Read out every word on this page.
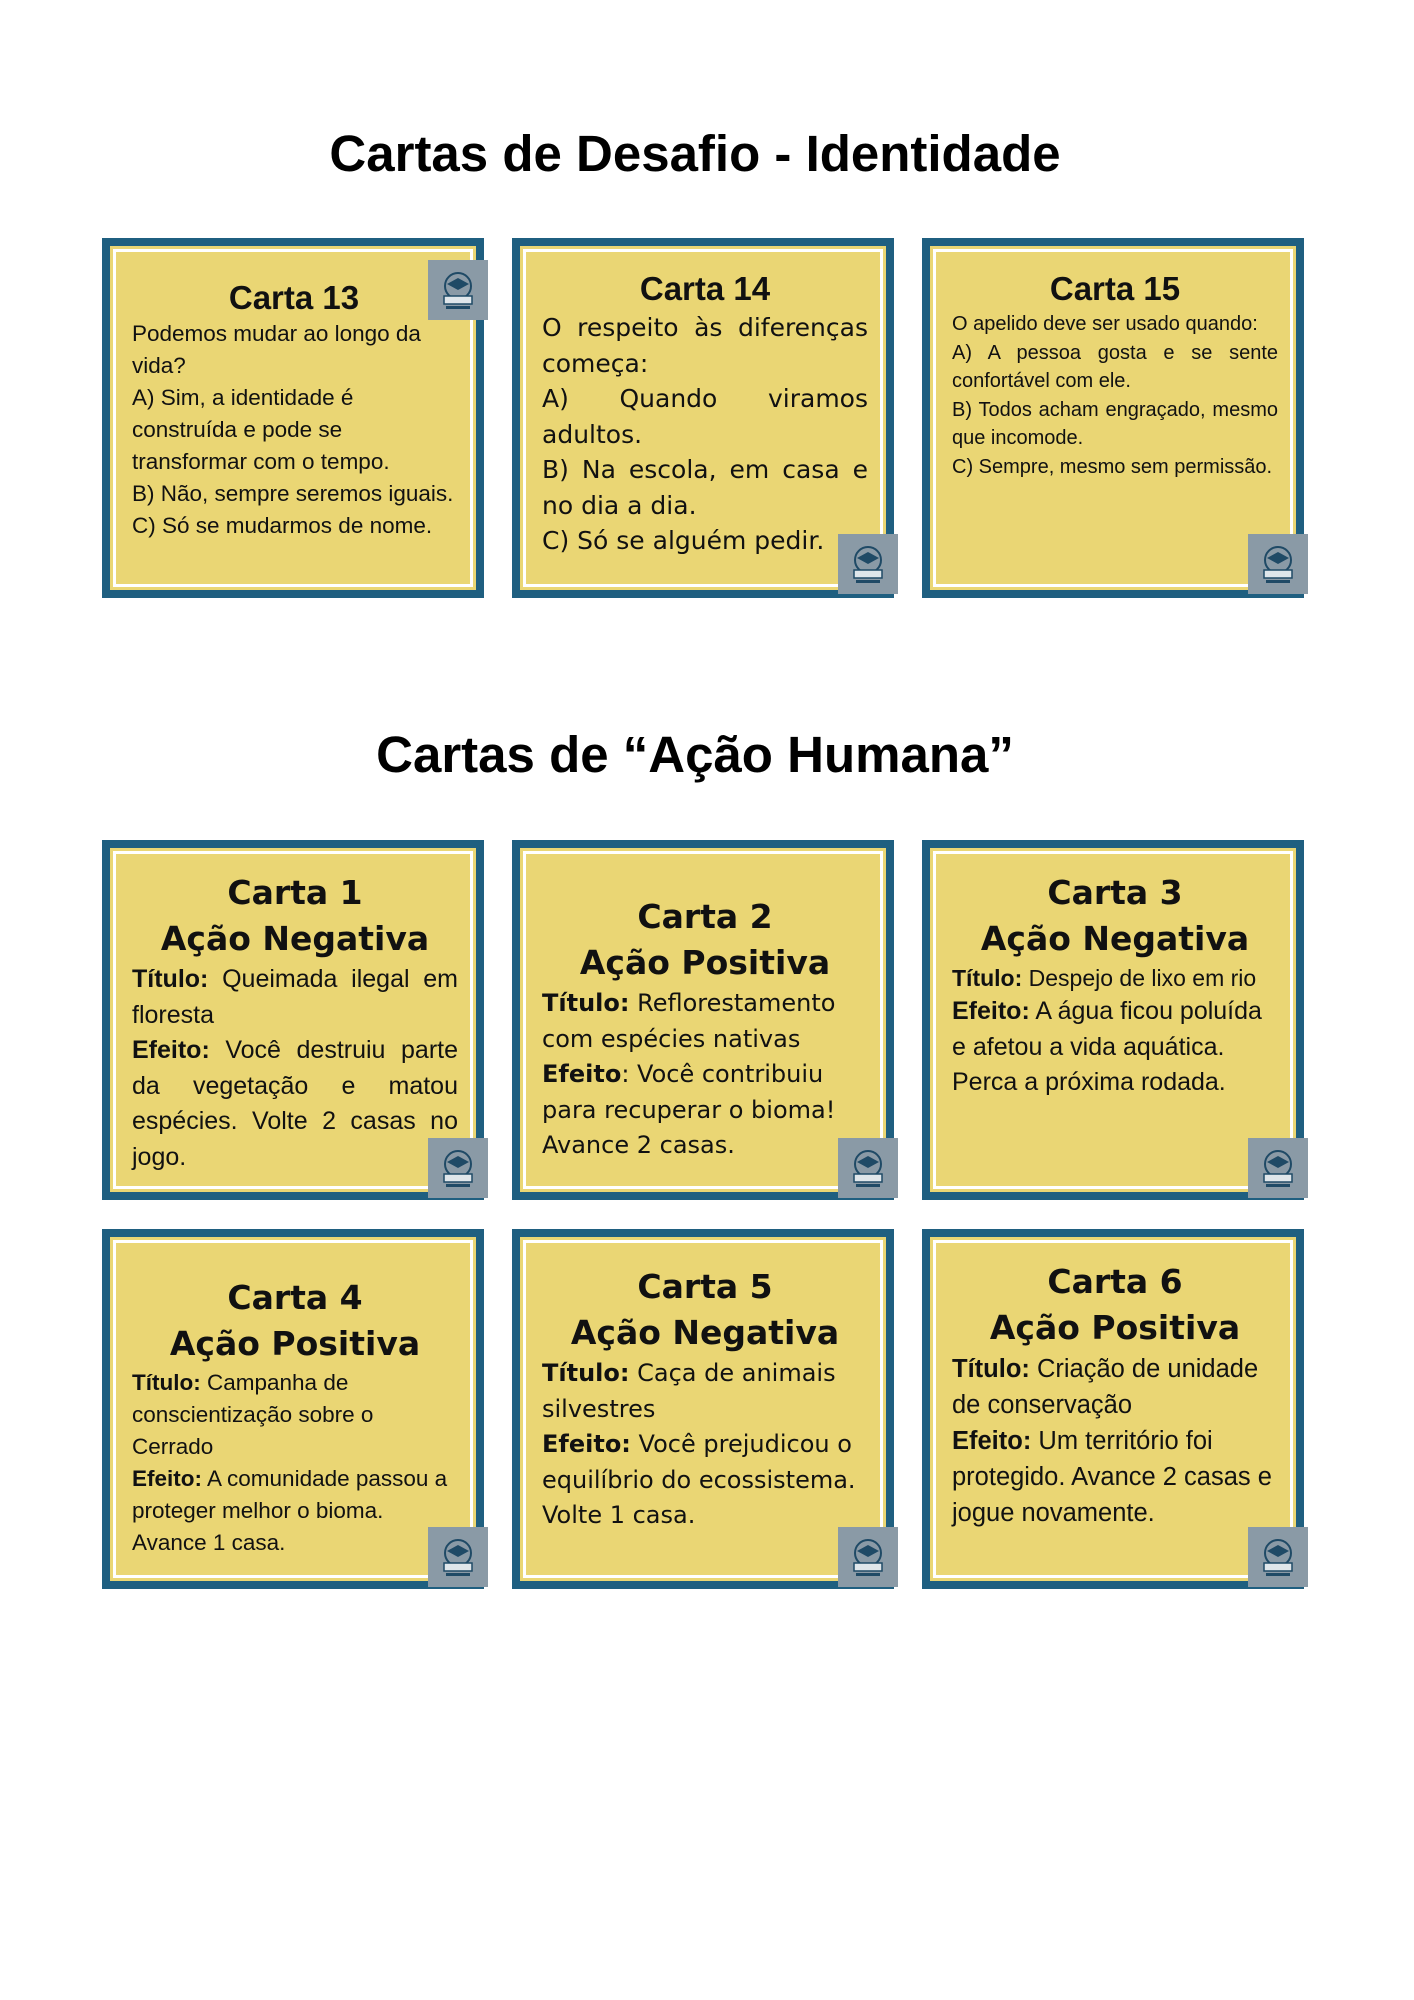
Cartas de Desafio - Identidade
Carta 13

Podemos mudar ao longo da vida?

A) Sim, a identidade é construída e pode se transformar com o tempo.

B) Não, sempre seremos iguais.

C) Só se mudarmos de nome.

Carta 14

O respeito às diferenças começa:

A) Quando viramos adultos.

B) Na escola, em casa e no dia a dia.

C) Só se alguém pedir.

Carta 15

O apelido deve ser usado quando:

A) A pessoa gosta e se sente confortável com ele.

B) Todos acham engraçado, mesmo que incomode.

C) Sempre, mesmo sem permissão.

Cartas de “Ação Humana”
Carta 1
Ação Negativa

Título: Queimada ilegal em floresta

Efeito: Você destruiu parte da vegetação e matou espécies. Volte 2 casas no jogo.

Carta 2
Ação Positiva

Título: Reflorestamento com espécies nativas

Efeito: Você contribuiu para recuperar o bioma! Avance 2 casas.

Carta 3
Ação Negativa

Título: Despejo de lixo em rio

Efeito: A água ficou poluída e afetou a vida aquática. Perca a próxima rodada.

Carta 4
Ação Positiva

Título: Campanha de conscientização sobre o Cerrado

Efeito: A comunidade passou a proteger melhor o bioma. Avance 1 casa.

Carta 5
Ação Negativa

Título: Caça de animais silvestres

Efeito: Você prejudicou o equilíbrio do ecossistema. Volte 1 casa.

Carta 6
Ação Positiva

Título: Criação de unidade de conservação

Efeito: Um território foi protegido. Avance 2 casas e jogue novamente.
